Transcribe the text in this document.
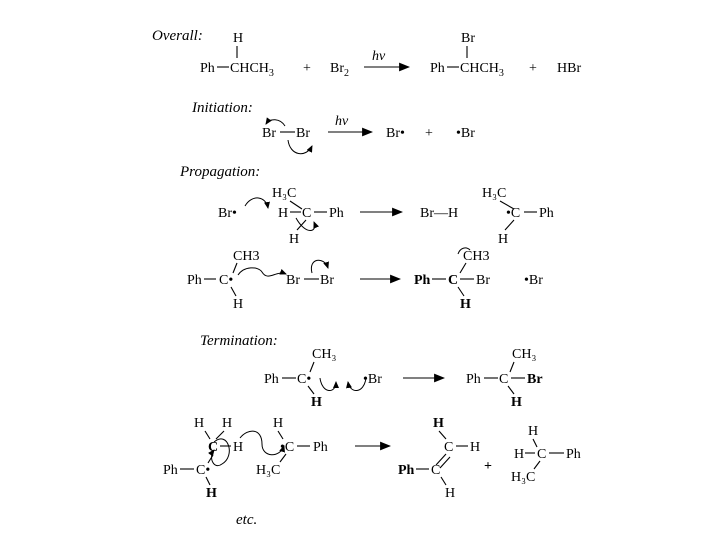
Overall: H
Ph $CHCH_3 + Br_2$
hν
Br
Ph $CHCH_3$ + HBr
Initiation:
Br Br
hν
Br• + •Br
Propagation:
Br•
H₃C
H C Ph
H
Br—H
H₃C
•C Ph
H
CH3
Ph C•
H
Br Br
CH3
Ph C Br
H
•Br
Termination:
CH₃
Ph C•
H
•Br
CH₃
Ph C Br
H
H H
C H
Ph C•
H
H
•C Ph
H₃C
H
C H
Ph C
H
+
H
H C Ph
H₃C
etc.
